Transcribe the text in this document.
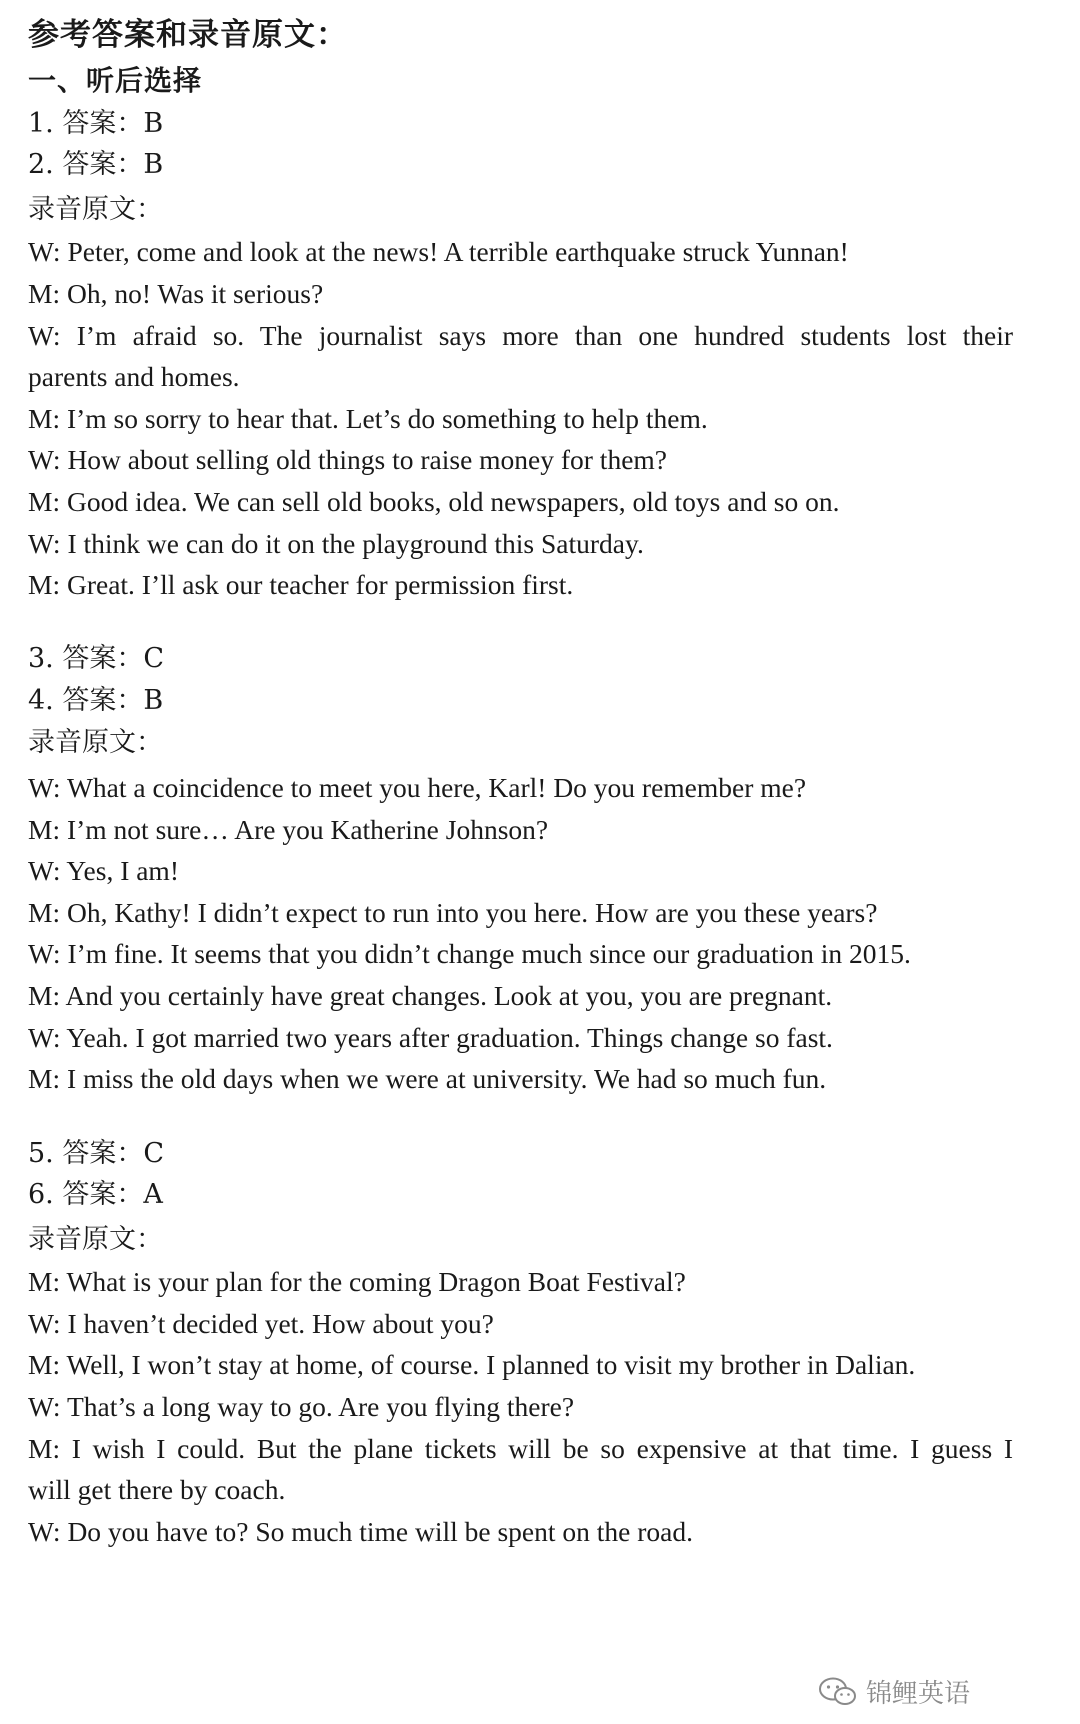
参考答案和录音原文：
一、听后选择
1. 答案：B
2. 答案：B
录音原文：
W: Peter, come and look at the news! A terrible earthquake struck Yunnan!
M: Oh, no! Was it serious?
W: I’m afraid so. The journalist says more than one hundred students lost their
parents and homes.
M: I’m so sorry to hear that. Let’s do something to help them.
W: How about selling old things to raise money for them?
M: Good idea. We can sell old books, old newspapers, old toys and so on.
W: I think we can do it on the playground this Saturday.
M: Great. I’ll ask our teacher for permission first.
3. 答案：C
4. 答案：B
录音原文：
W: What a coincidence to meet you here, Karl! Do you remember me?
M: I’m not sure… Are you Katherine Johnson?
W: Yes, I am!
M: Oh, Kathy! I didn’t expect to run into you here. How are you these years?
W: I’m fine. It seems that you didn’t change much since our graduation in 2015.
M: And you certainly have great changes. Look at you, you are pregnant.
W: Yeah. I got married two years after graduation. Things change so fast.
M: I miss the old days when we were at university. We had so much fun.
5. 答案：C
6. 答案：A
录音原文：
M: What is your plan for the coming Dragon Boat Festival?
W: I haven’t decided yet. How about you?
M: Well, I won’t stay at home, of course. I planned to visit my brother in Dalian.
W: That’s a long way to go. Are you flying there?
M: I wish I could. But the plane tickets will be so expensive at that time. I guess I
will get there by coach.
W: Do you have to? So much time will be spent on the road.
锦鲤英语
